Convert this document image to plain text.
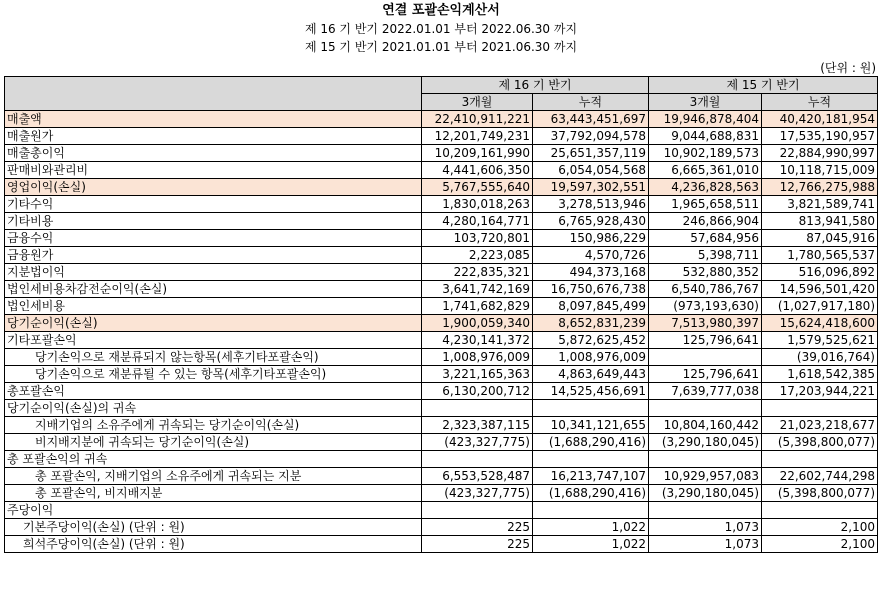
연결 포괄손익계산서
제 16 기 반기 2022.01.01 부터 2022.06.30 까지
제 15 기 반기 2021.01.01 부터 2021.06.30 까지
(단위 : 원)
	제 16 기 반기		제 15 기 반기	
	3개월	누적	3개월	누적
매출액	22,410,911,221	63,443,451,697	19,946,878,404	40,420,181,954
매출원가	12,201,749,231	37,792,094,578	9,044,688,831	17,535,190,957
매출총이익	10,209,161,990	25,651,357,119	10,902,189,573	22,884,990,997
판매비와관리비	4,441,606,350	6,054,054,568	6,665,361,010	10,118,715,009
영업이익(손실)	5,767,555,640	19,597,302,551	4,236,828,563	12,766,275,988
기타수익	1,830,018,263	3,278,513,946	1,965,658,511	3,821,589,741
기타비용	4,280,164,771	6,765,928,430	246,866,904	813,941,580
금융수익	103,720,801	150,986,229	57,684,956	87,045,916
금융원가	2,223,085	4,570,726	5,398,711	1,780,565,537
지분법이익	222,835,321	494,373,168	532,880,352	516,096,892
법인세비용차감전순이익(손실)	3,641,742,169	16,750,676,738	6,540,786,767	14,596,501,420
법인세비용	1,741,682,829	8,097,845,499	(973,193,630)	(1,027,917,180)
당기순이익(손실)	1,900,059,340	8,652,831,239	7,513,980,397	15,624,418,600
기타포괄손익	4,230,141,372	5,872,625,452	125,796,641	1,579,525,621
당기손익으로 재분류되지 않는항목(세후기타포괄손익)	1,008,976,009	1,008,976,009		(39,016,764)
당기손익으로 재분류될 수 있는 항목(세후기타포괄손익)	3,221,165,363	4,863,649,443	125,796,641	1,618,542,385
총포괄손익	6,130,200,712	14,525,456,691	7,639,777,038	17,203,944,221
당기순이익(손실)의 귀속				
지배기업의 소유주에게 귀속되는 당기순이익(손실)	2,323,387,115	10,341,121,655	10,804,160,442	21,023,218,677
비지배지분에 귀속되는 당기순이익(손실)	(423,327,775)	(1,688,290,416)	(3,290,180,045)	(5,398,800,077)
총 포괄손익의 귀속				
총 포괄손익, 지배기업의 소유주에게 귀속되는 지분	6,553,528,487	16,213,747,107	10,929,957,083	22,602,744,298
총 포괄손익, 비지배지분	(423,327,775)	(1,688,290,416)	(3,290,180,045)	(5,398,800,077)
주당이익				
기본주당이익(손실) (단위 : 원)	225	1,022	1,073	2,100
희석주당이익(손실) (단위 : 원)	225	1,022	1,073	2,100
